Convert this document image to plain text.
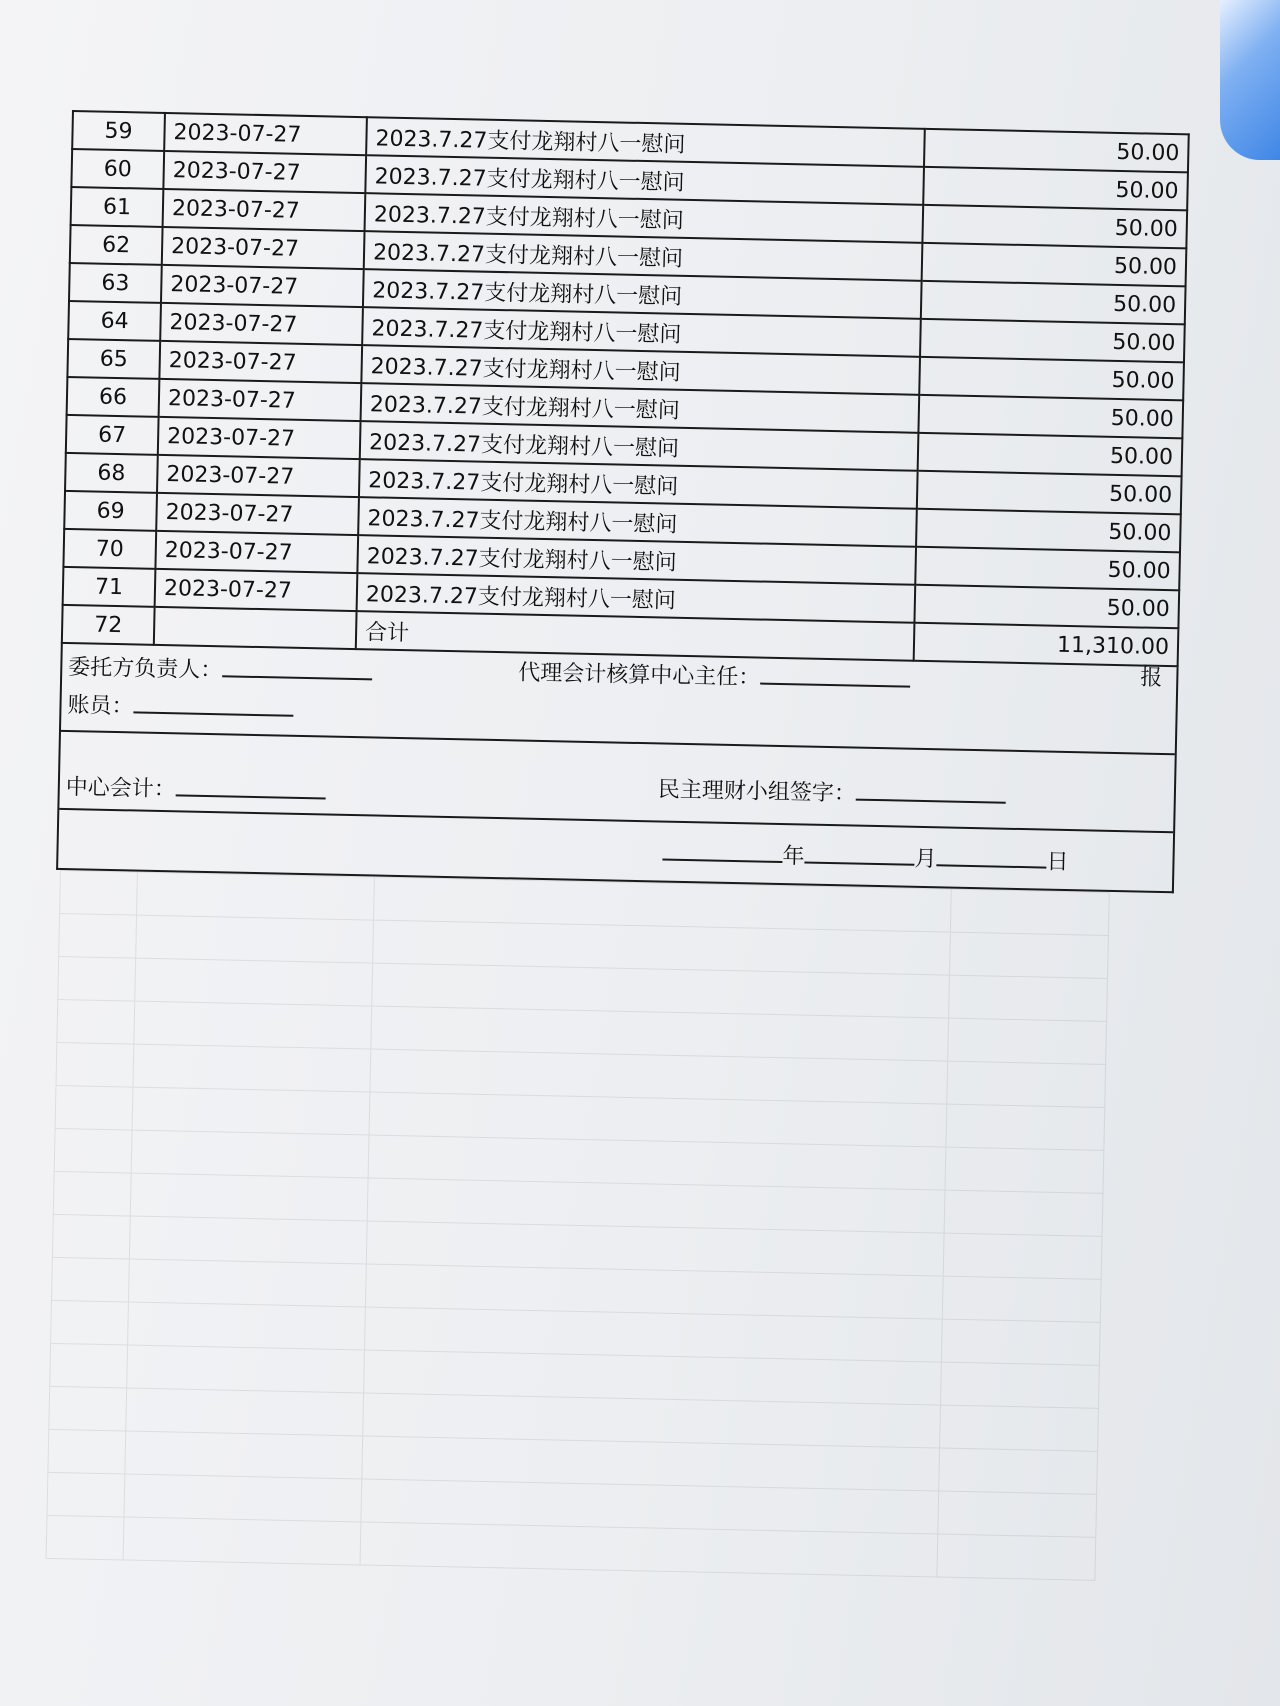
59	2023-07-27	2023.7.27支付龙翔村八一慰问	50.00
60	2023-07-27	2023.7.27支付龙翔村八一慰问	50.00
61	2023-07-27	2023.7.27支付龙翔村八一慰问	50.00
62	2023-07-27	2023.7.27支付龙翔村八一慰问	50.00
63	2023-07-27	2023.7.27支付龙翔村八一慰问	50.00
64	2023-07-27	2023.7.27支付龙翔村八一慰问	50.00
65	2023-07-27	2023.7.27支付龙翔村八一慰问	50.00
66	2023-07-27	2023.7.27支付龙翔村八一慰问	50.00
67	2023-07-27	2023.7.27支付龙翔村八一慰问	50.00
68	2023-07-27	2023.7.27支付龙翔村八一慰问	50.00
69	2023-07-27	2023.7.27支付龙翔村八一慰问	50.00
70	2023-07-27	2023.7.27支付龙翔村八一慰问	50.00
71	2023-07-27	2023.7.27支付龙翔村八一慰问	50.00
72		合计	11,310.00
委托方负责人：	代理会计核算中心主任：	报
账员：
中心会计：	民主理财小组签字：
年	月	日
